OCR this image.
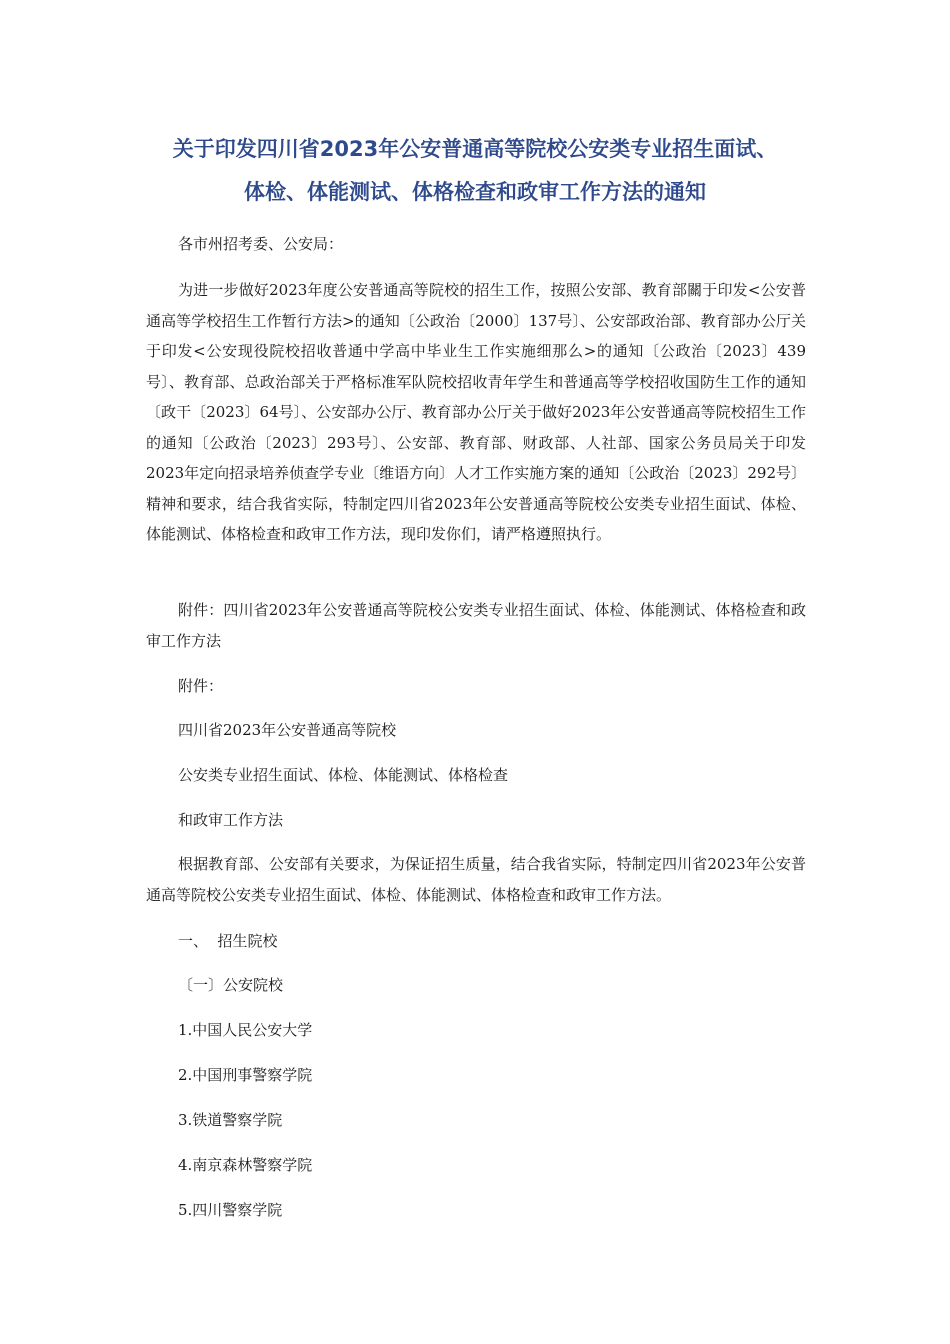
关于印发四川省2023年公安普通高等院校公安类专业招生面试、
体检、体能测试、体格检查和政审工作方法的通知

各市州招考委、公安局：

为进一步做好2023年度公安普通高等院校的招生工作，按照公安部、教育部關于印发<公安普通高等学校招生工作暂行方法>的通知〔公政治〔2000〕137号〕、公安部政治部、教育部办公厅关于印发<公安现役院校招收普通中学高中毕业生工作实施细那么>的通知〔公政治〔2023〕439号〕、教育部、总政治部关于严格标准军队院校招收青年学生和普通高等学校招收国防生工作的通知〔政干〔2023〕64号〕、公安部办公厅、教育部办公厅关于做好2023年公安普通高等院校招生工作的通知〔公政治〔2023〕293号〕、公安部、教育部、财政部、人社部、国家公务员局关于印发2023年定向招录培养侦查学专业〔维语方向〕人才工作实施方案的通知〔公政治〔2023〕292号〕精神和要求，结合我省实际，特制定四川省2023年公安普通高等院校公安类专业招生面试、体检、体能测试、体格检查和政审工作方法，现印发你们，请严格遵照执行。

附件：四川省2023年公安普通高等院校公安类专业招生面试、体检、体能测试、体格检查和政审工作方法

附件：

四川省2023年公安普通高等院校

公安类专业招生面试、体检、体能测试、体格检查

和政审工作方法

根据教育部、公安部有关要求，为保证招生质量，结合我省实际，特制定四川省2023年公安普通高等院校公安类专业招生面试、体检、体能测试、体格检查和政审工作方法。

一、  招生院校

〔一〕公安院校

1.中国人民公安大学

2.中国刑事警察学院

3.铁道警察学院

4.南京森林警察学院

5.四川警察学院
